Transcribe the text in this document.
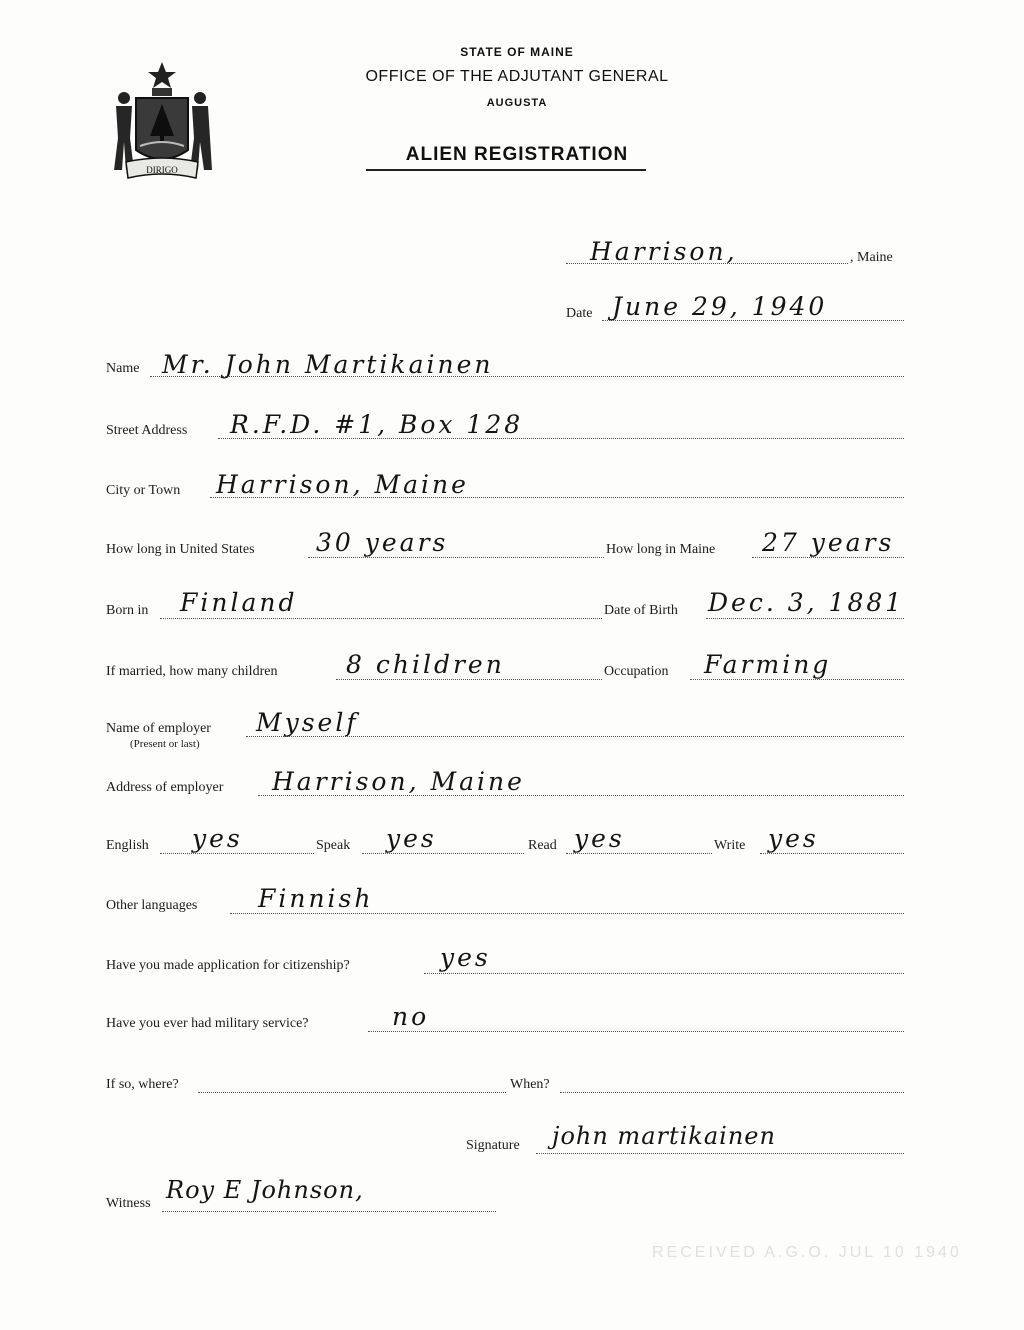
DIRIGO
STATE OF MAINE
OFFICE OF THE ADJUTANT GENERAL
AUGUSTA
ALIEN REGISTRATION
Harrison,	, Maine
Date June 29, 1940
Name Mr. John Martikainen
Street Address R.F.D. #1, Box 128
City or Town Harrison, Maine
How long in United States 30 years	How long in Maine 27 years
Born in Finland	Date of Birth Dec. 3, 1881
If married, how many children	8 children	Occupation Farming
Name of employer
(Present or last)
Myself
Address of employer Harrison, Maine
English yes	Speak yes	Read yes	Write yes
Other languages Finnish
Have you made application for citizenship?	yes
Have you ever had military service?	no
If so, where?	When?
Signature john martikainen
Witness Roy E Johnson,
RECEIVED A.G.O. JUL 10 1940
